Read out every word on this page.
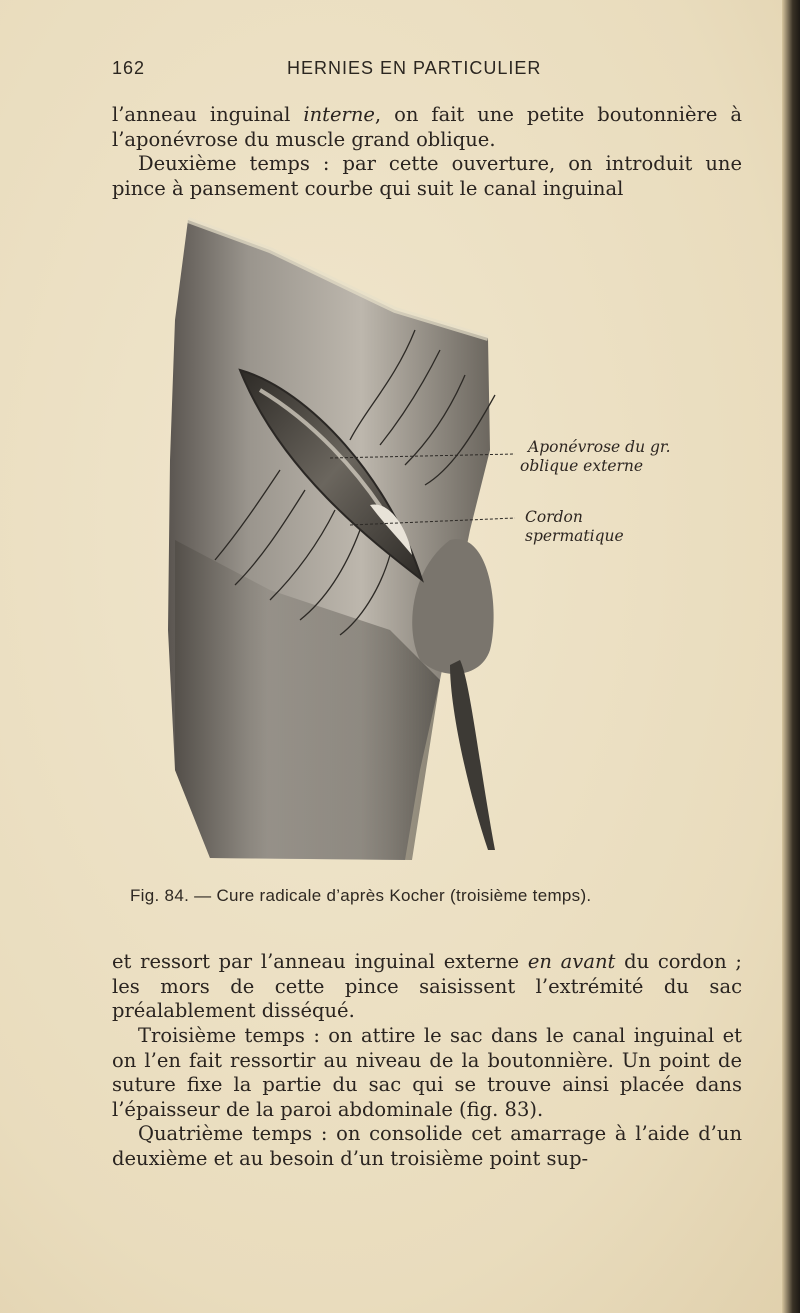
162	HERNIES EN PARTICULIER

l’anneau inguinal interne, on fait une petite boutonnière à l’aponévrose du muscle grand oblique.

Deuxième temps : par cette ouverture, on introduit une pince à pansement courbe qui suit le canal inguinal

Aponévrose du gr.
oblique externe
Cordon
spermatique
Fig. 84. — Cure radicale d’après Kocher (troisième temps).

et ressort par l’anneau inguinal externe en avant du cordon ; les mors de cette pince saisissent l’extrémité du sac préalablement disséqué.

Troisième temps : on attire le sac dans le canal inguinal et on l’en fait ressortir au niveau de la boutonnière. Un point de suture fixe la partie du sac qui se trouve ainsi placée dans l’épaisseur de la paroi abdominale (fig. 83).

Quatrième temps : on consolide cet amarrage à l’aide d’un deuxième et au besoin d’un troisième point sup-
